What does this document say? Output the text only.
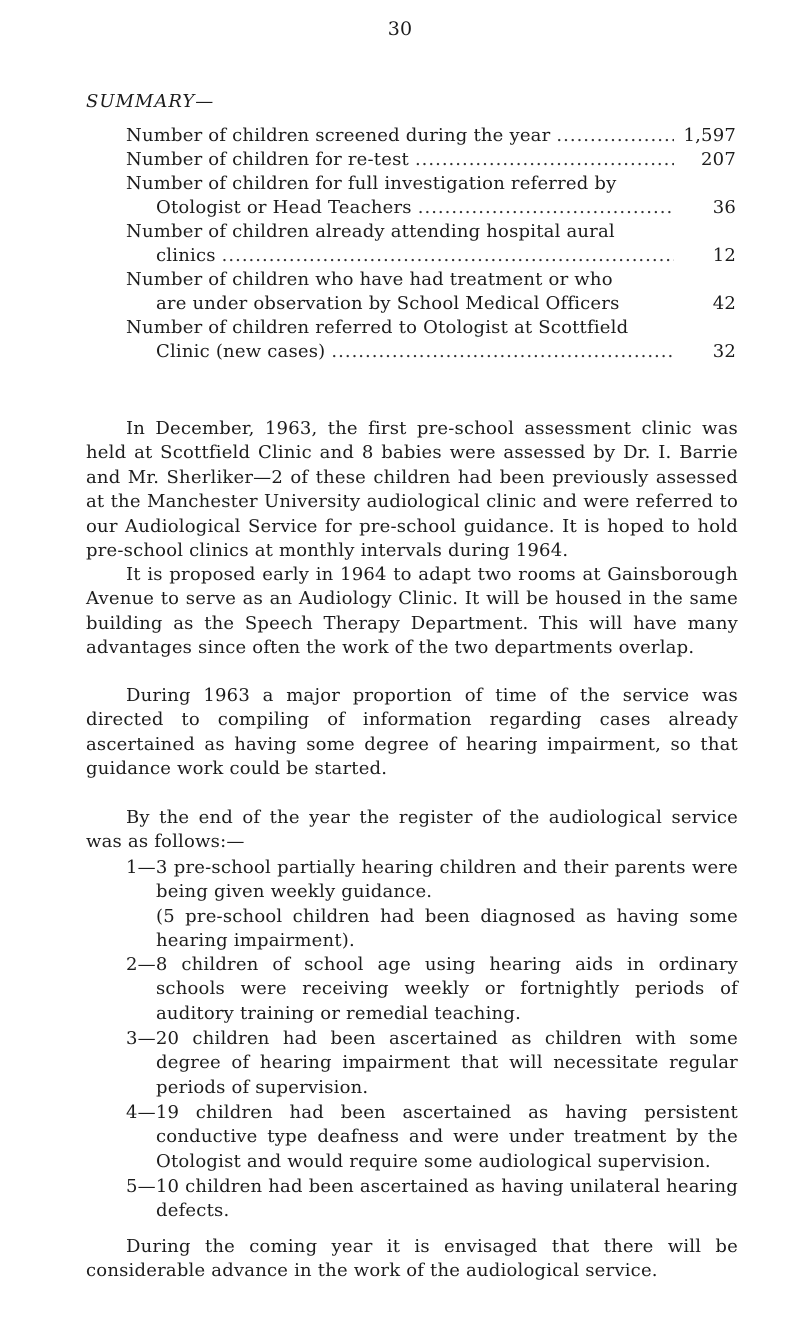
30
SUMMARY—
Number of children screened during the year .....	1,597
Number of children for re-test .....	207
Number of children for full investigation referred by
Otologist or Head Teachers .....	36
Number of children already attending hospital aural
clinics .....	12
Number of children who have had treatment or who
are under observation by School Medical Officers	42
Number of children referred to Otologist at Scottfield
Clinic (new cases) .....	32

In December, 1963, the first pre-school assessment clinic was held at Scottfield Clinic and 8 babies were assessed by Dr. I. Barrie and Mr. Sherliker—2 of these children had been previously assessed at the Manchester University audiological clinic and were referred to our Audiological Service for pre-school guidance. It is hoped to hold pre-school clinics at monthly intervals during 1964.

It is proposed early in 1964 to adapt two rooms at Gainsborough Avenue to serve as an Audiology Clinic. It will be housed in the same building as the Speech Therapy Department. This will have many advantages since often the work of the two departments overlap.

During 1963 a major proportion of time of the service was directed to compiling of information regarding cases already ascertained as having some degree of hearing impairment, so that guidance work could be started.

By the end of the year the register of the audiological service was as follows:—

1—3 pre-school partially hearing children and their parents were being given weekly guidance.
(5 pre-school children had been diagnosed as having some hearing impairment).
2—8 children of school age using hearing aids in ordinary schools were receiving weekly or fortnightly periods of auditory training or remedial teaching.
3—20 children had been ascertained as children with some degree of hearing impairment that will necessitate regular periods of supervision.
4—19 children had been ascertained as having persistent conductive type deafness and were under treatment by the Otologist and would require some audiological supervision.
5—10 children had been ascertained as having unilateral hearing defects.

During the coming year it is envisaged that there will be considerable advance in the work of the audiological service.
